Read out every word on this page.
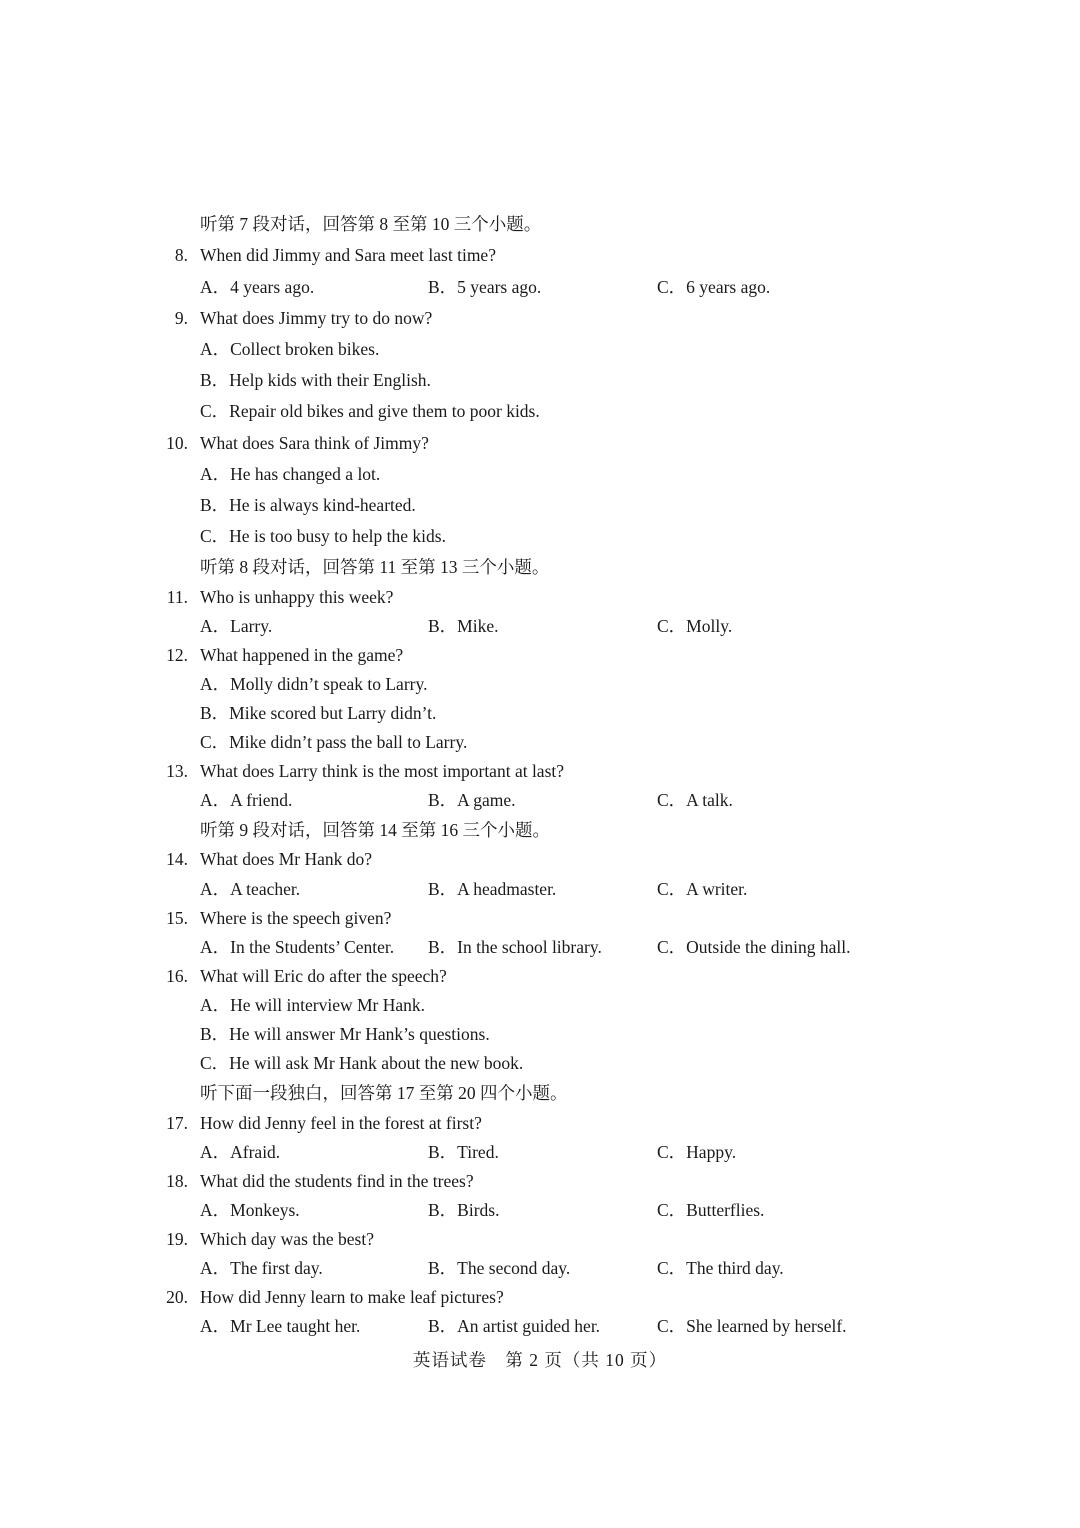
听第 7 段对话，回答第 8 至第 10 三个小题。
8. When did Jimmy and Sara meet last time?
A．4 years ago.	B．5 years ago.	C．6 years ago.
9. What does Jimmy try to do now?
A．Collect broken bikes.
B．Help kids with their English.
C．Repair old bikes and give them to poor kids.
10. What does Sara think of Jimmy?
A．He has changed a lot.
B．He is always kind-hearted.
C．He is too busy to help the kids.
听第 8 段对话，回答第 11 至第 13 三个小题。
11. Who is unhappy this week?
A．Larry.	B．Mike.	C．Molly.
12. What happened in the game?
A．Molly didn’t speak to Larry.
B．Mike scored but Larry didn’t.
C．Mike didn’t pass the ball to Larry.
13. What does Larry think is the most important at last?
A．A friend.	B．A game.	C．A talk.
听第 9 段对话，回答第 14 至第 16 三个小题。
14. What does Mr Hank do?
A．A teacher.	B．A headmaster.	C．A writer.
15. Where is the speech given?
A．In the Students’ Center. B．In the school library.	C．Outside the dining hall.
16. What will Eric do after the speech?
A．He will interview Mr Hank.
B．He will answer Mr Hank’s questions.
C．He will ask Mr Hank about the new book.
听下面一段独白，回答第 17 至第 20 四个小题。
17. How did Jenny feel in the forest at first?
A．Afraid.	B．Tired.	C．Happy.
18. What did the students find in the trees?
A．Monkeys.	B．Birds.	C．Butterflies.
19. Which day was the best?
A．The first day.	B．The second day.	C．The third day.
20. How did Jenny learn to make leaf pictures?
A．Mr Lee taught her.	B．An artist guided her.	C．She learned by herself.
英语试卷　第 2 页（共 10 页）
